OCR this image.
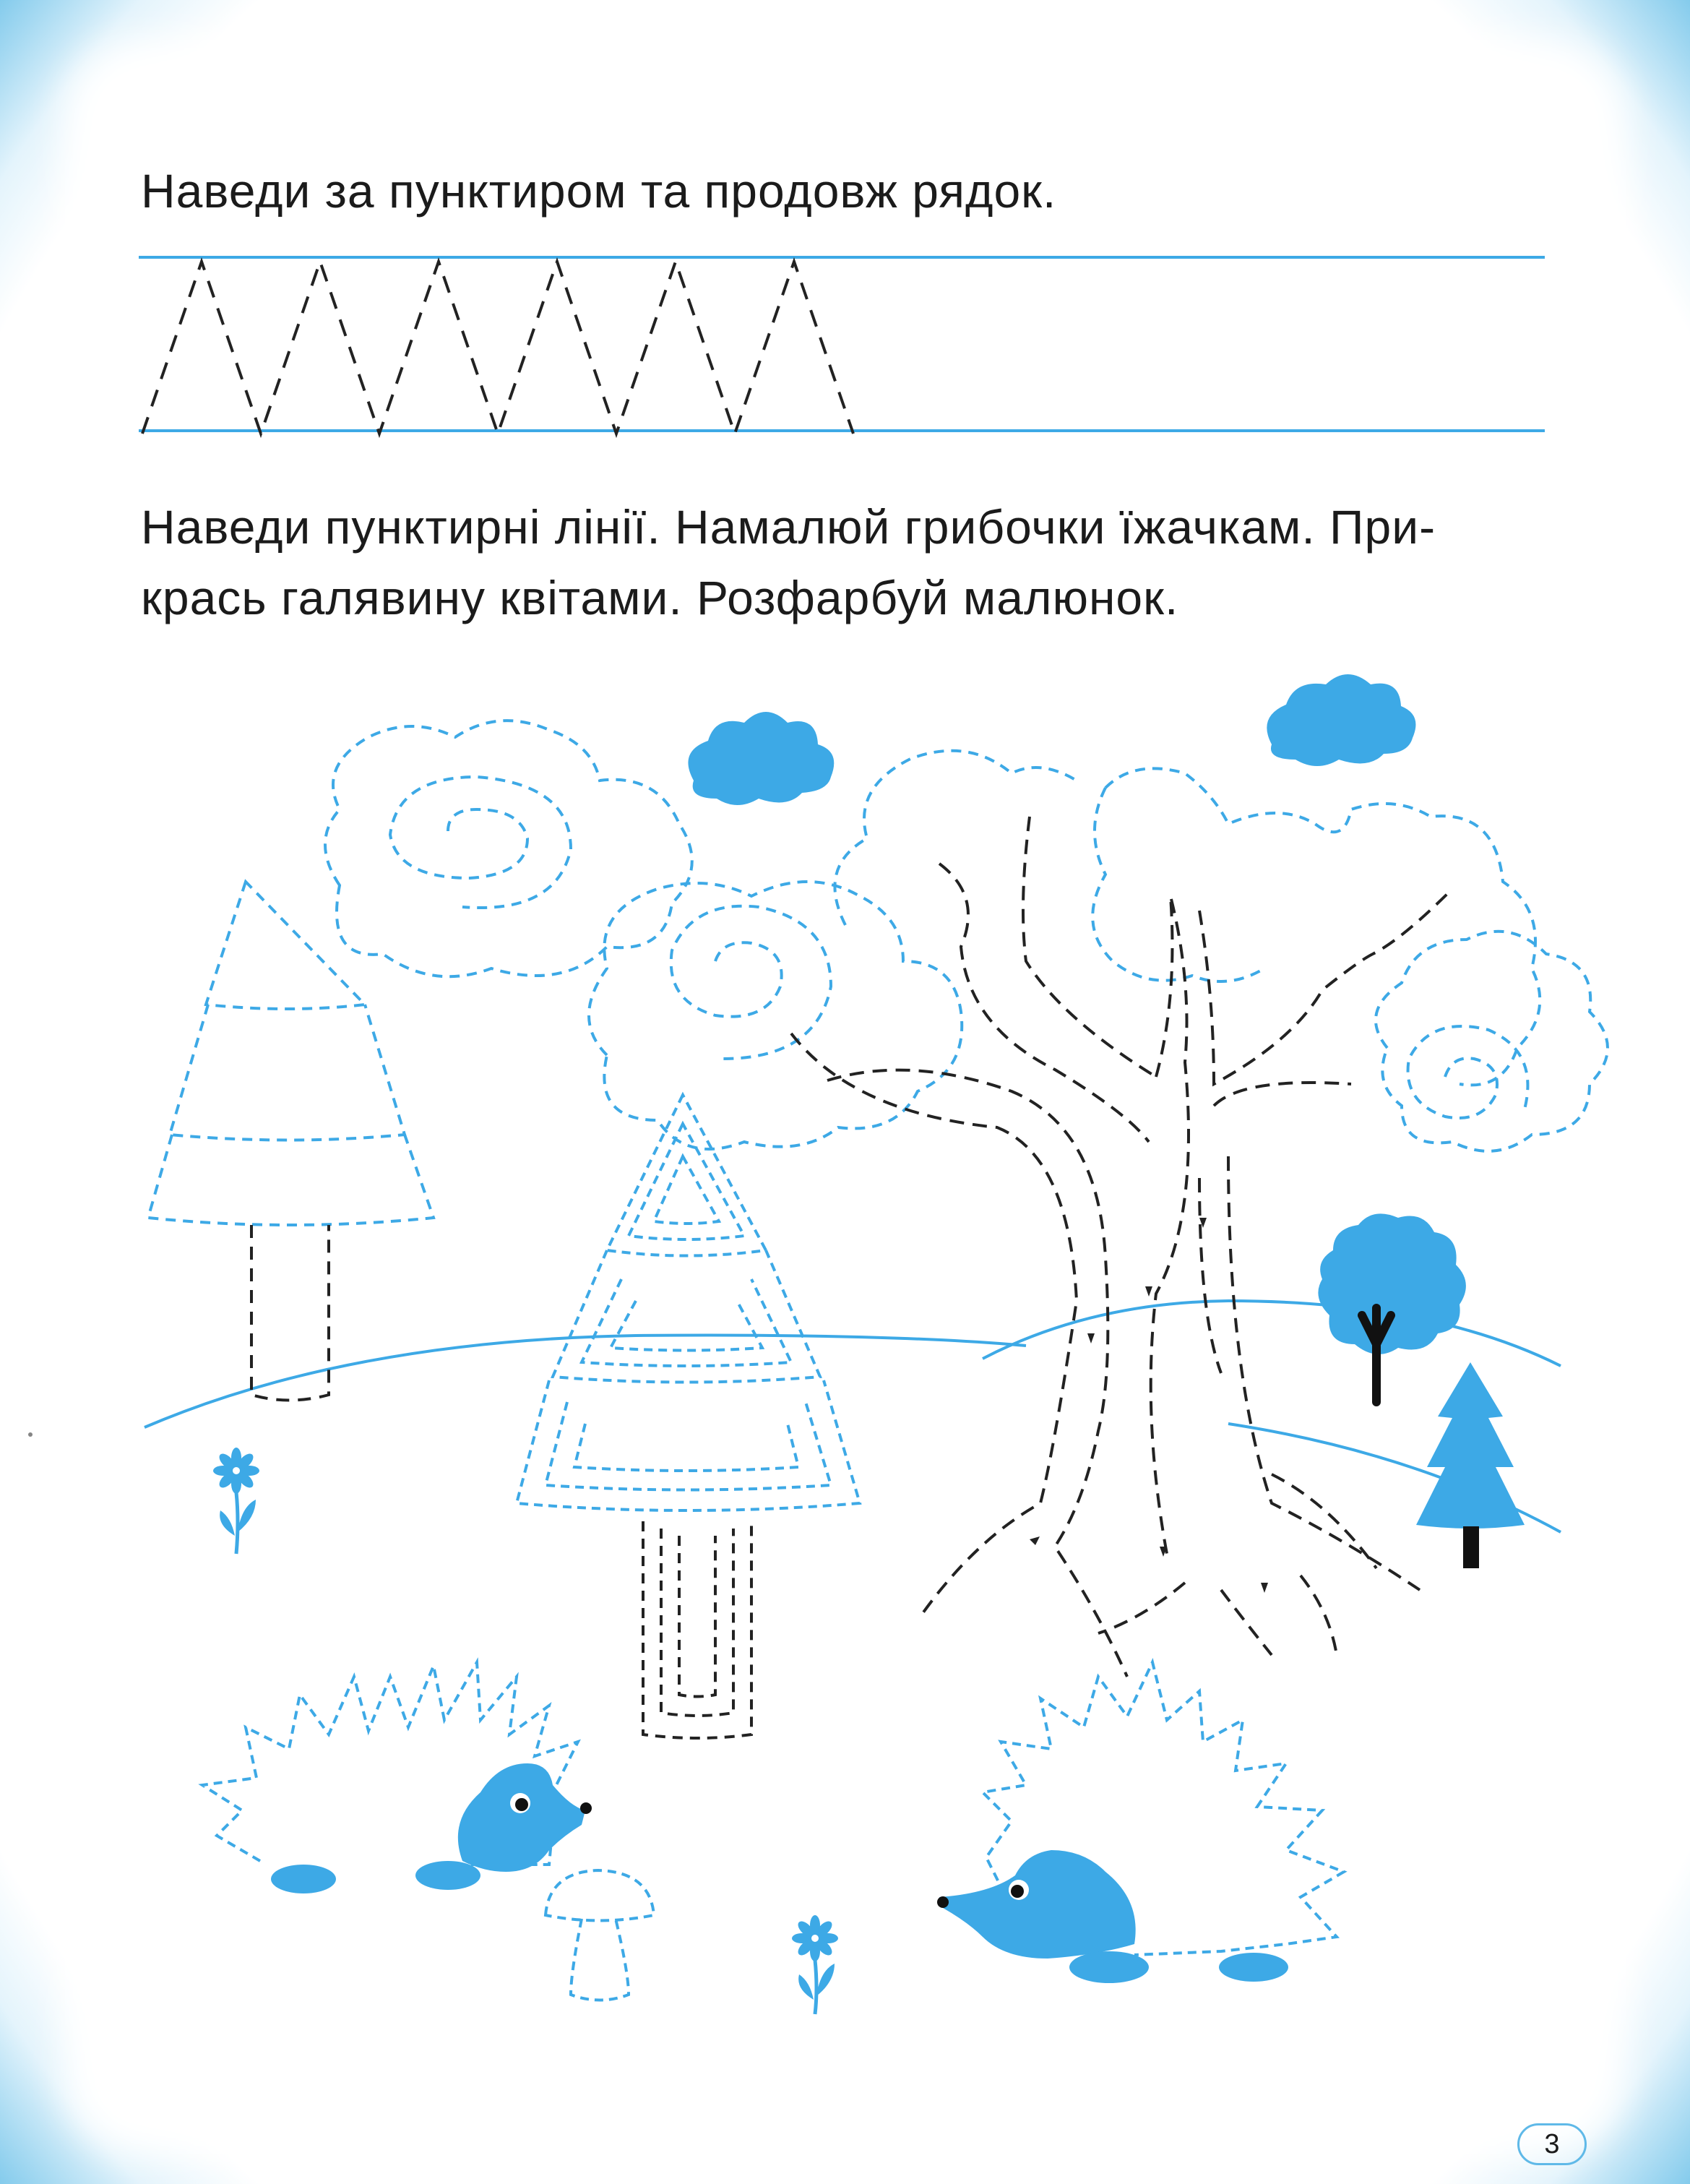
Наведи за пунктиром та продовж рядок.
Наведи пунктирні лінії. Намалюй грибочки їжачкам. При-
крась галявину квітами. Розфарбуй малюнок.
3
